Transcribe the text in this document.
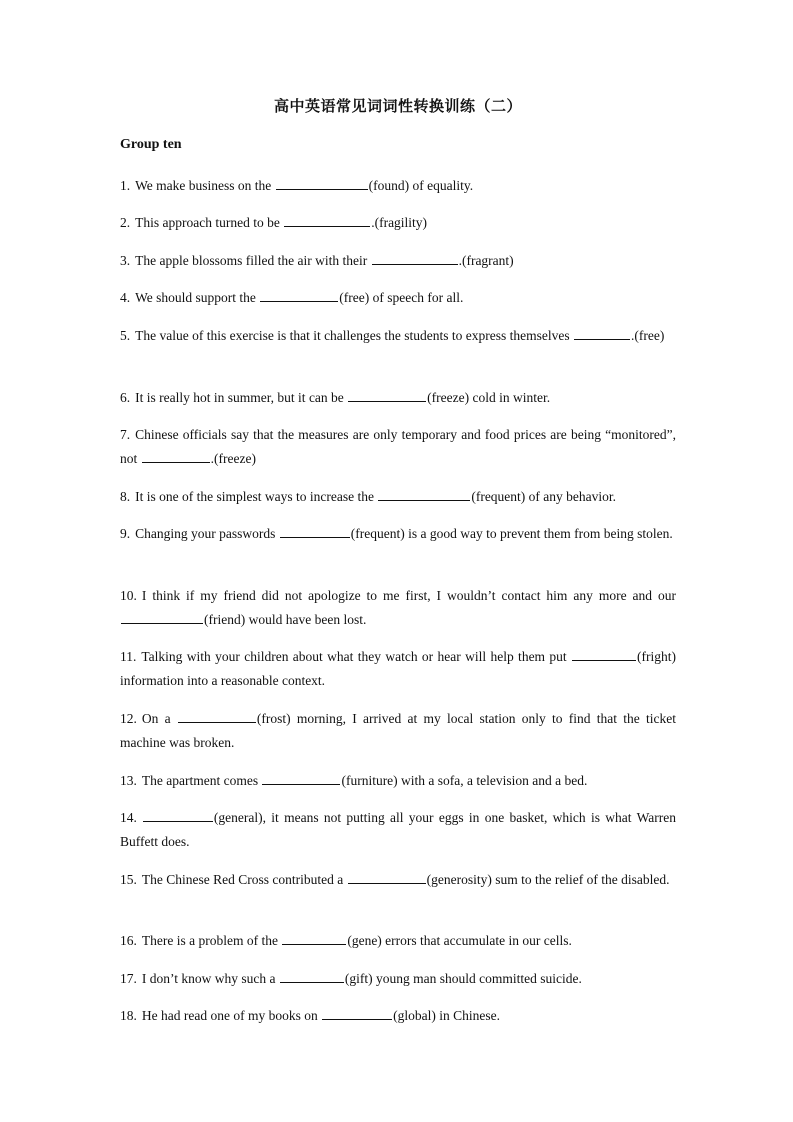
高中英语常见词词性转换训练（二）
Group ten
1. We make business on the	(found) of equality.
2. This approach turned to be	.(fragility)
3. The apple blossoms filled the air with their	.(fragrant)
4. We should support the	(free) of speech for all.
5. The value of this exercise is that it challenges the students to express themselves	.(free)
6. It is really hot in summer, but it can be	(freeze) cold in winter.
7. Chinese officials say that the measures are only temporary and food prices are being “monitored”, not	.(freeze)
8. It is one of the simplest ways to increase the	(frequent) of any behavior.
9. Changing your passwords	(frequent) is a good way to prevent them from being stolen.
10. I think if my friend did not apologize to me first, I wouldn’t contact him any more and our (friend) would have been lost.
11. Talking with your children about what they watch or hear will help them put	(fright) information into a reasonable context.
12. On a	(frost) morning, I arrived at my local station only to find that the ticket machine was broken.
13. The apartment comes	(furniture) with a sofa, a television and a bed.
14.	(general), it means not putting all your eggs in one basket, which is what Warren Buffett does.
15. The Chinese Red Cross contributed a	(generosity) sum to the relief of the disabled.
16. There is a problem of the	(gene) errors that accumulate in our cells.
17. I don’t know why such a	(gift) young man should committed suicide.
18. He had read one of my books on	(global) in Chinese.
